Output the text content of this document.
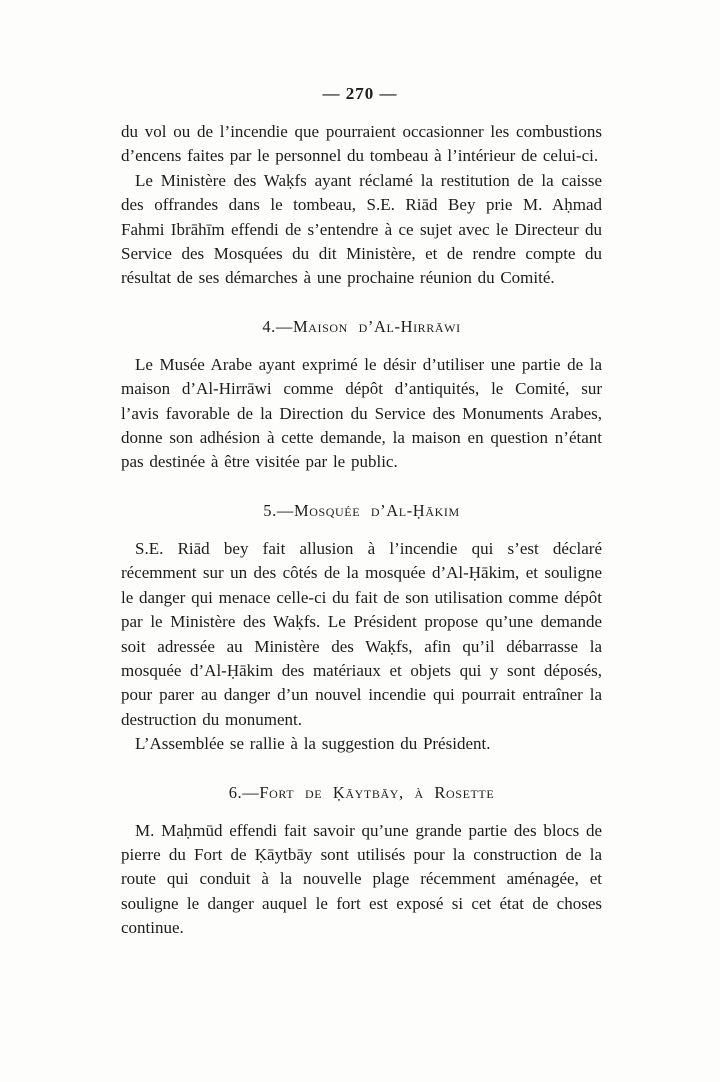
— 270 —

du vol ou de l’incendie que pourraient occasionner les combustions d’encens faites par le personnel du tombeau à l’intérieur de celui-ci.

Le Ministère des Waḳfs ayant réclamé la restitution de la caisse des offrandes dans le tombeau, S.E. Riād Bey prie M. Aḥmad Fahmi Ibrāhīm effendi de s’entendre à ce sujet avec le Directeur du Service des Mosquées du dit Ministère, et de rendre compte du résultat de ses démarches à une prochaine réunion du Comité.

4.—Maison d’Al-Hirrāwi

Le Musée Arabe ayant exprimé le désir d’utiliser une partie de la maison d’Al-Hirrāwi comme dépôt d’antiquités, le Comité, sur l’avis favorable de la Direction du Service des Monuments Arabes, donne son adhésion à cette demande, la maison en question n’étant pas destinée à être visitée par le public.

5.—Mosquée d’Al-Ḥākim

S.E. Riād bey fait allusion à l’incendie qui s’est déclaré récemment sur un des côtés de la mosquée d’Al-Ḥākim, et souligne le danger qui menace celle-ci du fait de son utilisation comme dépôt par le Ministère des Waḳfs. Le Président propose qu’une demande soit adressée au Ministère des Waḳfs, afin qu’il débarrasse la mosquée d’Al-Ḥākim des matériaux et objets qui y sont déposés, pour parer au danger d’un nouvel incendie qui pourrait entraîner la destruction du monument.

L’Assemblée se rallie à la suggestion du Président.

6.—Fort de Ḳāytbāy, à Rosette

M. Maḥmūd effendi fait savoir qu’une grande partie des blocs de pierre du Fort de Ḳāytbāy sont utilisés pour la construction de la route qui conduit à la nouvelle plage récemment aménagée, et souligne le danger auquel le fort est exposé si cet état de choses continue.
